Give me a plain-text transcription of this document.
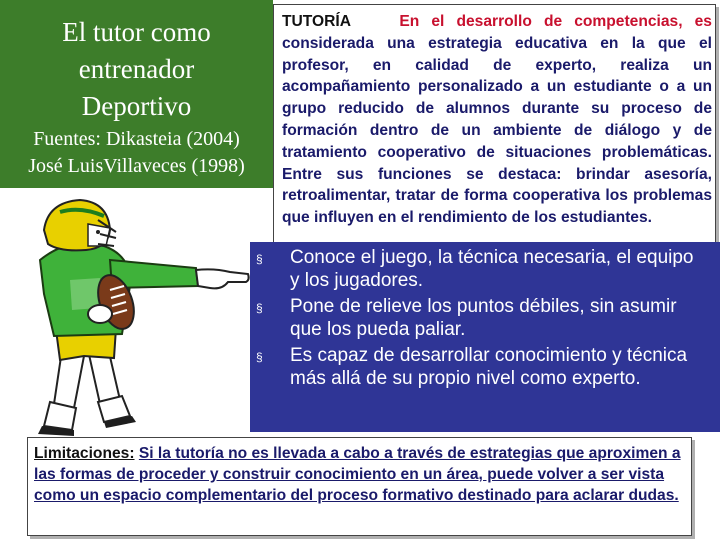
El tutor como
entrenador
Deportivo
Fuentes: Dikasteia (2004)
José LuisVillaveces (1998)
TUTORÍA	En el desarrollo de competencias, es considerada una estrategia educativa en la que el profesor, en calidad de experto, realiza un acompañamiento personalizado a un estudiante o a un grupo reducido de alumnos durante su proceso de formación dentro de un ambiente de diálogo y de tratamiento cooperativo de situaciones problemáticas. Entre sus funciones se destaca: brindar asesoría, retroalimentar, tratar de forma cooperativa los problemas que influyen en el rendimiento de los estudiantes.
§ Conoce el juego, la técnica necesaria, el equipo y los jugadores.
§ Pone de relieve los puntos débiles, sin asumir que los pueda paliar.
§ Es capaz de desarrollar conocimiento y técnica más allá de su propio nivel como experto.
Limitaciones: Si la tutoría no es llevada a cabo a través de estrategias que aproximen a las formas de proceder y construir conocimiento en un área, puede volver a ser vista como un espacio complementario del proceso formativo destinado para aclarar dudas.
